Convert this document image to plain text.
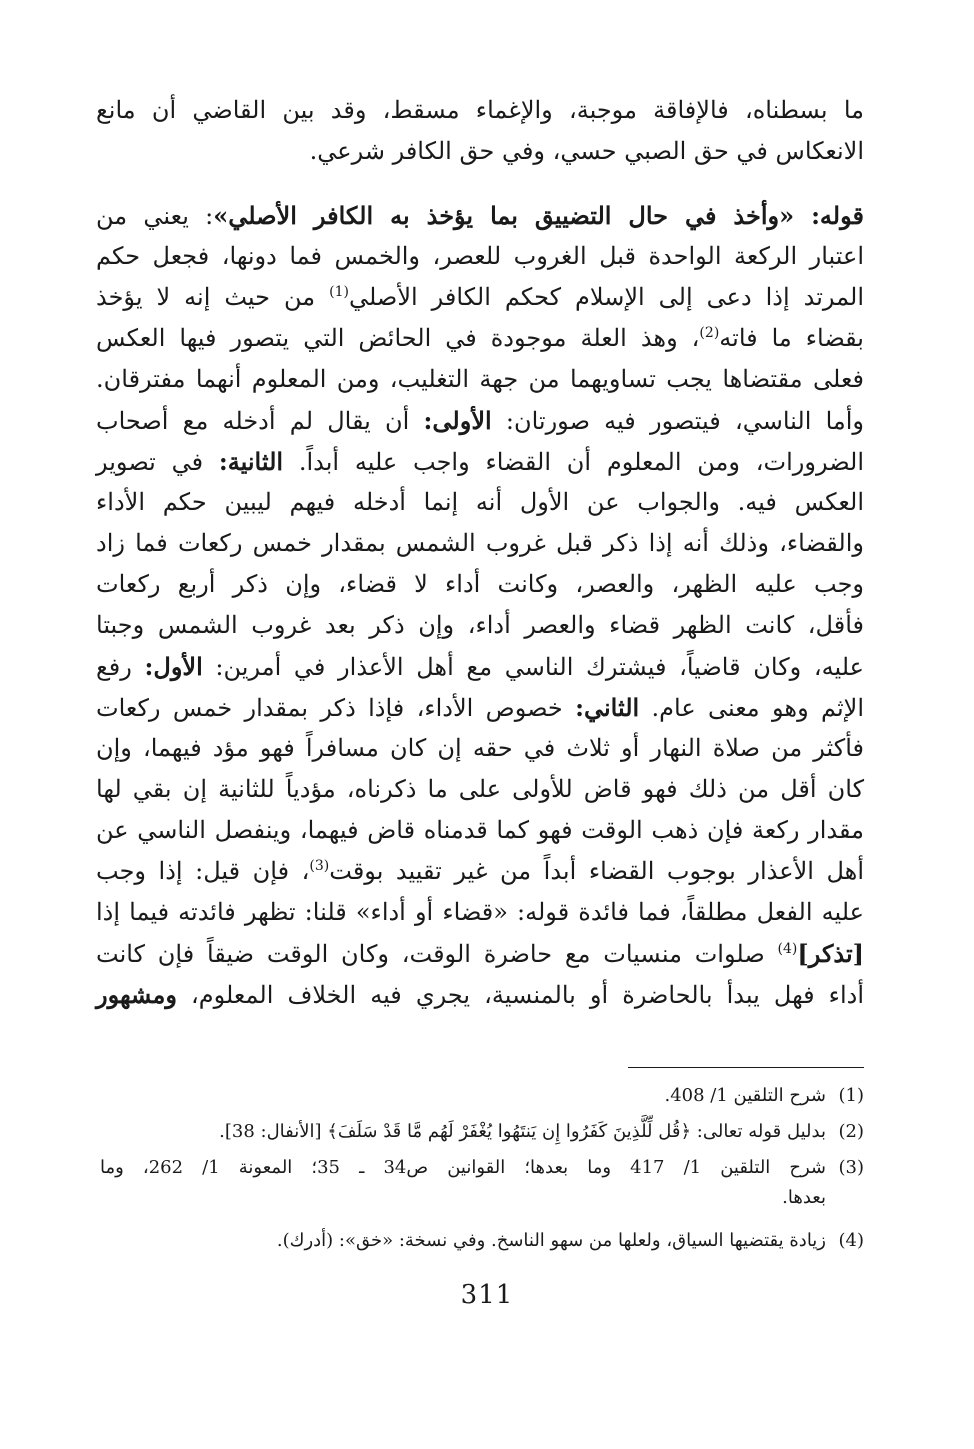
ما بسطناه، فالإفاقة موجبة، والإغماء مسقط، وقد بين القاضي أن مانع
الانعكاس في حق الصبي حسي، وفي حق الكافر شرعي.
قوله: «وأخذ في حال التضييق بما يؤخذ به الكافر الأصلي»: يعني من
اعتبار الركعة الواحدة قبل الغروب للعصر، والخمس فما دونها، فجعل حكم
المرتد إذا دعى إلى الإسلام كحكم الكافر الأصلي$^{(1)}$ من حيث إنه لا يؤخذ
بقضاء ما فاته$^{(2)}$، وهذ العلة موجودة في الحائض التي يتصور فيها العكس
فعلى مقتضاها يجب تساويهما من جهة التغليب، ومن المعلوم أنهما مفترقان.
وأما الناسي، فيتصور فيه صورتان: الأولى: أن يقال لم أدخله مع أصحاب
الضرورات، ومن المعلوم أن القضاء واجب عليه أبداً. الثانية: في تصوير
العكس فيه. والجواب عن الأول أنه إنما أدخله فيهم ليبين حكم الأداء
والقضاء، وذلك أنه إذا ذكر قبل غروب الشمس بمقدار خمس ركعات فما زاد
وجب عليه الظهر، والعصر، وكانت أداء لا قضاء، وإن ذكر أربع ركعات
فأقل، كانت الظهر قضاء والعصر أداء، وإن ذكر بعد غروب الشمس وجبتا
عليه، وكان قاضياً، فيشترك الناسي مع أهل الأعذار في أمرين: الأول: رفع
الإثم وهو معنى عام. الثاني: خصوص الأداء، فإذا ذكر بمقدار خمس ركعات
فأكثر من صلاة النهار أو ثلاث في حقه إن كان مسافراً فهو مؤد فيهما، وإن
كان أقل من ذلك فهو قاض للأولى على ما ذكرناه، مؤدياً للثانية إن بقي لها
مقدار ركعة فإن ذهب الوقت فهو كما قدمناه قاض فيهما، وينفصل الناسي عن
أهل الأعذار بوجوب القضاء أبداً من غير تقييد بوقت$^{(3)}$، فإن قيل: إذا وجب
عليه الفعل مطلقاً، فما فائدة قوله: «قضاء أو أداء» قلنا: تظهر فائدته فيما إذا
[تذكر]$^{(4)}$ صلوات منسيات مع حاضرة الوقت، وكان الوقت ضيقاً فإن كانت
أداء فهل يبدأ بالحاضرة أو بالمنسية، يجري فيه الخلاف المعلوم، ومشهور
(1)شرح التلقين 1/ 408.
(2)بدليل قوله تعالى: ﴿قُل لِّلَّذِينَ كَفَرُوا إِن يَنتَهُوا يُغْفَرْ لَهُم مَّا قَدْ سَلَفَ﴾ [الأنفال: 38].
(3)شرح التلقين 1/ 417 وما بعدها؛ القوانين ص34 ـ 35؛ المعونة 1/ 262، وما
بعدها.
(4)زيادة يقتضيها السياق، ولعلها من سهو الناسخ. وفي نسخة: «خق»: (أدرك).
311
